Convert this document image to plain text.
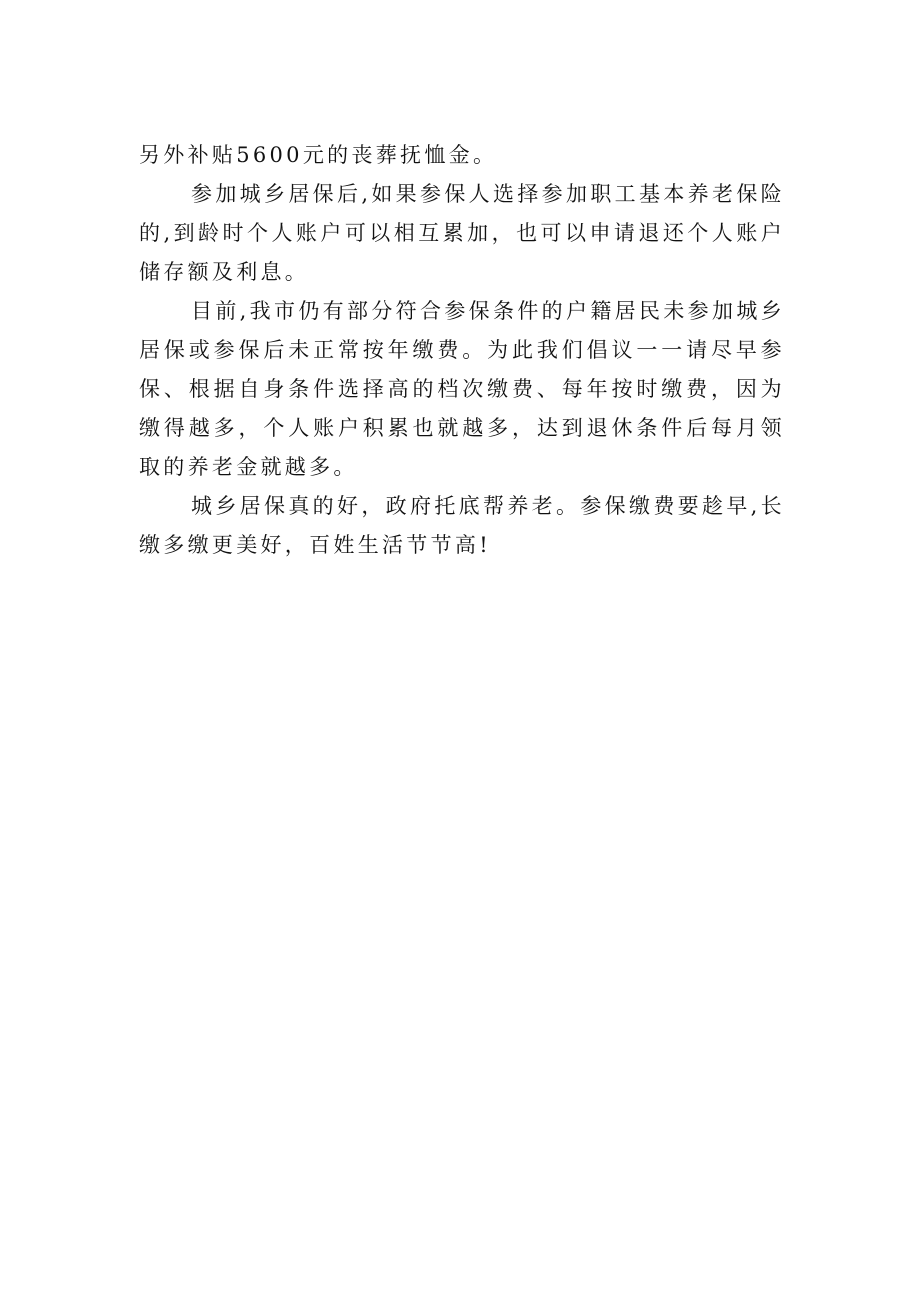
另外补贴5600元的丧葬抚恤金。

参加城乡居保后,如果参保人选择参加职工基本养老保险的,到龄时个人账户可以相互累加，也可以申请退还个人账户储存额及利息。

目前,我市仍有部分符合参保条件的户籍居民未参加城乡居保或参保后未正常按年缴费。为此我们倡议一一请尽早参保、根据自身条件选择高的档次缴费、每年按时缴费，因为缴得越多，个人账户积累也就越多，达到退休条件后每月领取的养老金就越多。

城乡居保真的好，政府托底帮养老。参保缴费要趁早,长缴多缴更美好，百姓生活节节高!
